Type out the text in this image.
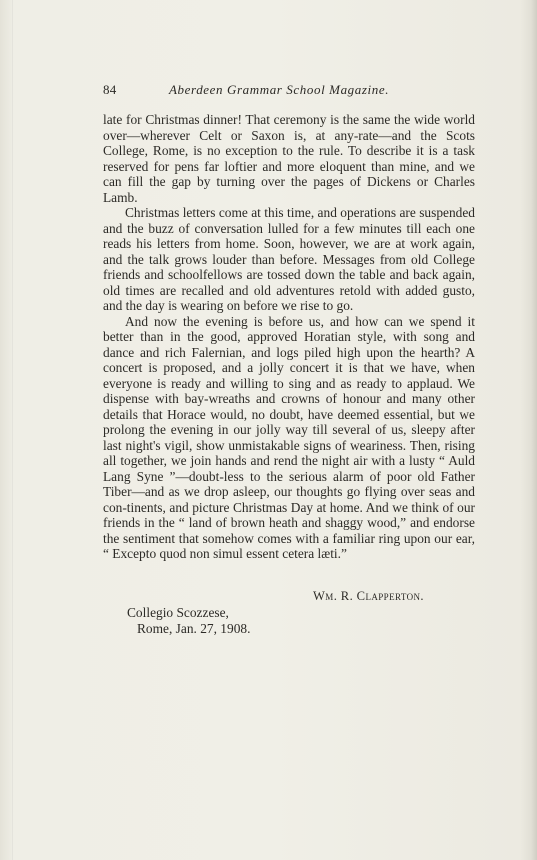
84	Aberdeen Grammar School Magazine.

late for Christmas dinner! That ceremony is the same the wide world over—wherever Celt or Saxon is, at any-rate—and the Scots College, Rome, is no exception to the rule. To describe it is a task reserved for pens far loftier and more eloquent than mine, and we can fill the gap by turning over the pages of Dickens or Charles Lamb.

Christmas letters come at this time, and operations are suspended and the buzz of conversation lulled for a few minutes till each one reads his letters from home. Soon, however, we are at work again, and the talk grows louder than before. Messages from old College friends and schoolfellows are tossed down the table and back again, old times are recalled and old adventures retold with added gusto, and the day is wearing on before we rise to go.

And now the evening is before us, and how can we spend it better than in the good, approved Horatian style, with song and dance and rich Falernian, and logs piled high upon the hearth? A concert is proposed, and a jolly concert it is that we have, when everyone is ready and willing to sing and as ready to applaud. We dispense with bay-wreaths and crowns of honour and many other details that Horace would, no doubt, have deemed essential, but we prolong the evening in our jolly way till several of us, sleepy after last night's vigil, show unmistakable signs of weariness. Then, rising all together, we join hands and rend the night air with a lusty “ Auld Lang Syne ”—doubt-less to the serious alarm of poor old Father Tiber—and as we drop asleep, our thoughts go flying over seas and con-tinents, and picture Christmas Day at home. And we think of our friends in the “ land of brown heath and shaggy wood,” and endorse the sentiment that somehow comes with a familiar ring upon our ear, “ Excepto quod non simul essent cetera læti.”

Wm. R. Clapperton.
Collegio Scozzese,
Rome, Jan. 27, 1908.
